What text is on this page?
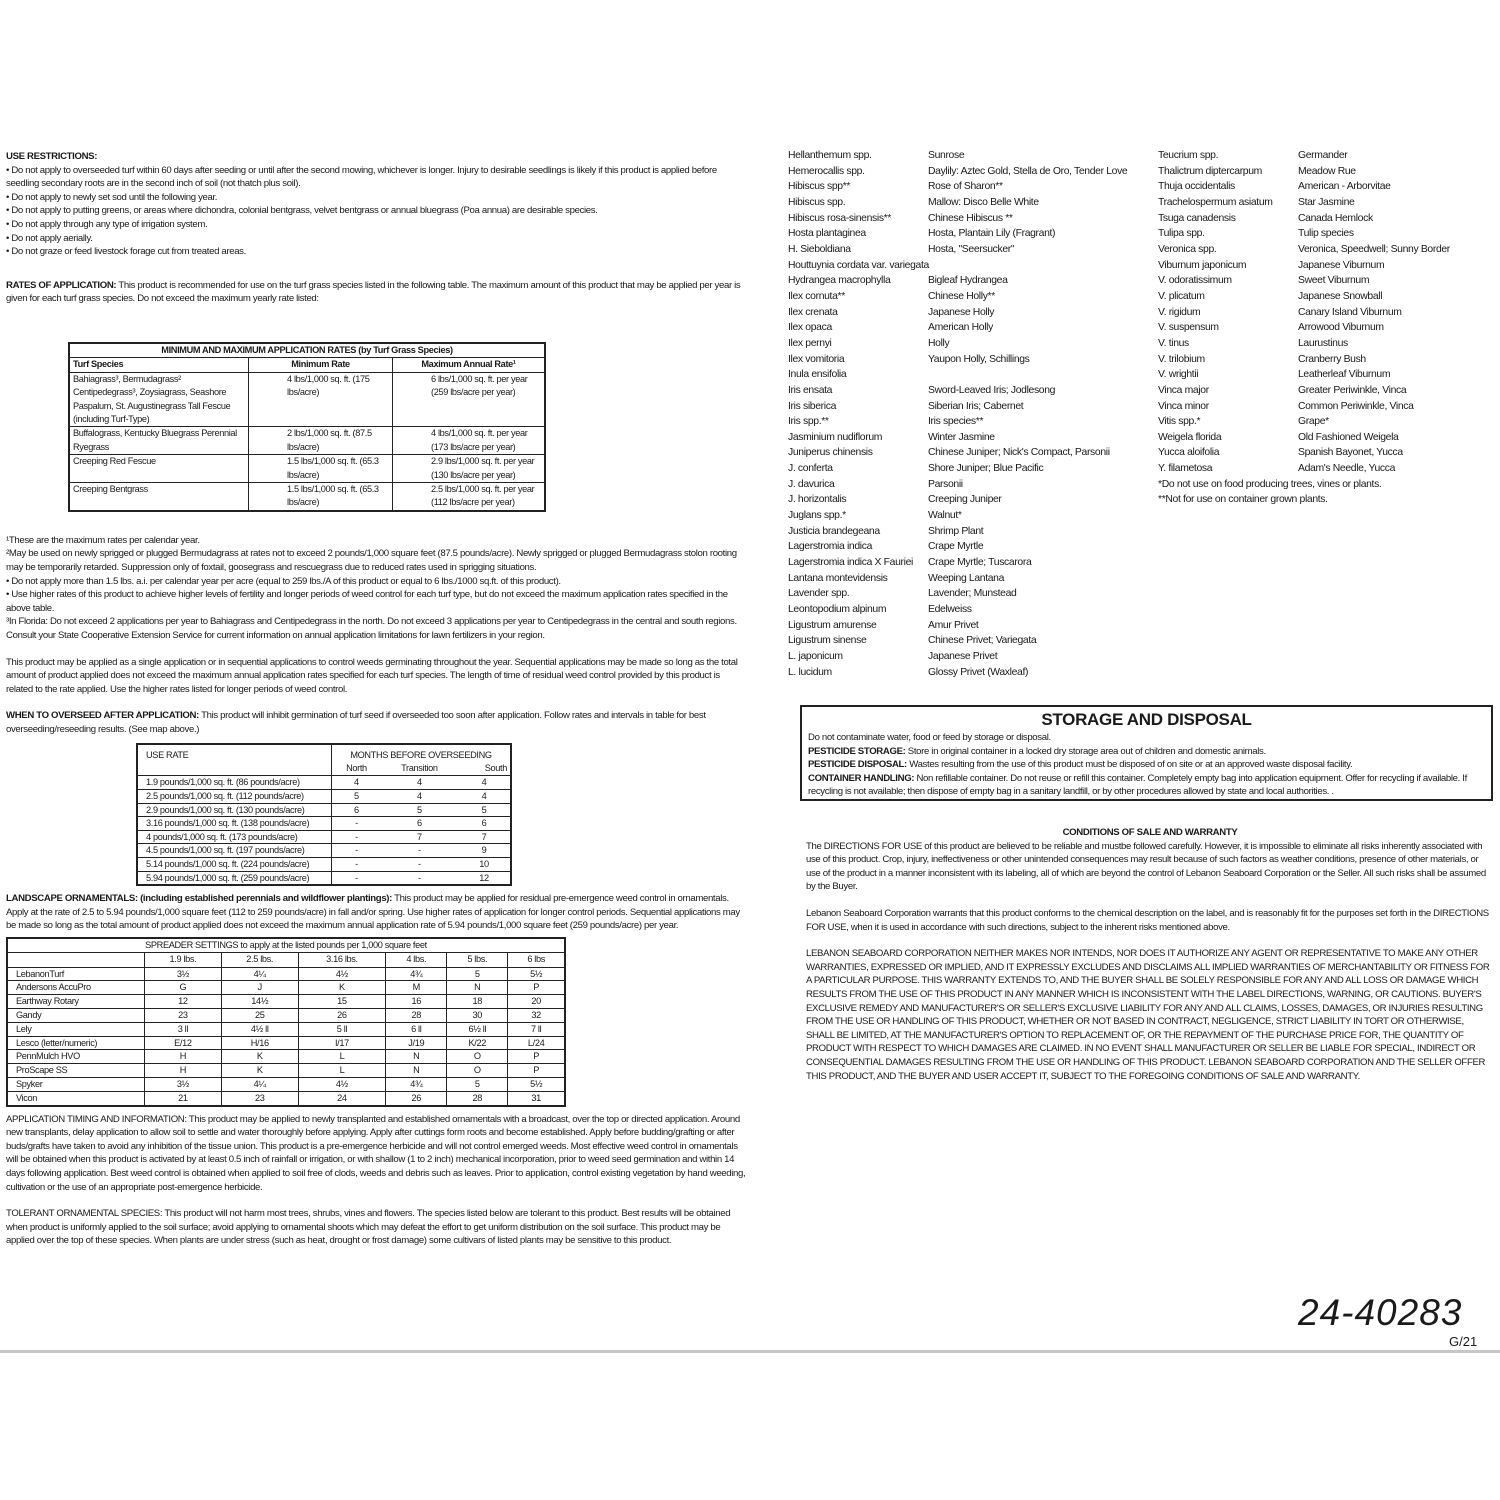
USE RESTRICTIONS:

• Do not apply to overseeded turf within 60 days after seeding or until after the second mowing, whichever is longer. Injury to desirable seedlings is likely if this product is applied before seedling secondary roots are in the second inch of soil (not thatch plus soil).

• Do not apply to newly set sod until the following year.

• Do not apply to putting greens, or areas where dichondra, colonial bentgrass, velvet bentgrass or annual bluegrass (Poa annua) are desirable species.

• Do not apply through any type of irrigation system.

• Do not apply aerially.

• Do not graze or feed livestock forage cut from treated areas.

RATES OF APPLICATION: This product is recommended for use on the turf grass species listed in the following table. The maximum amount of this product that may be applied per year is given for each turf grass species. Do not exceed the maximum yearly rate listed:

MINIMUM AND MAXIMUM APPLICATION RATES (by Turf Grass Species)		
Turf Species	Minimum Rate	Maximum Annual Rate¹
Bahiagrass³, Bermudagrass² Centipedegrass³, Zoysiagrass, Seashore Paspalum, St. Augustinegrass Tall Fescue (including Turf-Type)	4 lbs/1,000 sq. ft. (175 lbs/acre)	6 lbs/1,000 sq. ft. per year (259 lbs/acre per year)
Buffalograss, Kentucky Bluegrass Perennial Ryegrass	2 lbs/1,000 sq. ft. (87.5 lbs/acre)	4 lbs/1,000 sq. ft. per year (173 lbs/acre per year)
Creeping Red Fescue	1.5 lbs/1,000 sq. ft. (65.3 lbs/acre)	2.9 lbs/1,000 sq. ft. per year (130 lbs/acre per year)
Creeping Bentgrass	1.5 lbs/1,000 sq. ft. (65.3 lbs/acre)	2.5 lbs/1,000 sq. ft. per year (112 lbs/acre per year)

¹These are the maximum rates per calendar year.

²May be used on newly sprigged or plugged Bermudagrass at rates not to exceed 2 pounds/1,000 square feet (87.5 pounds/acre). Newly sprigged or plugged Bermudagrass stolon rooting may be temporarily retarded. Suppression only of foxtail, goosegrass and rescuegrass due to reduced rates used in sprigging situations.

• Do not apply more than 1.5 lbs. a.i. per calendar year per acre (equal to 259 lbs./A of this product or equal to 6 lbs./1000 sq.ft. of this product).

• Use higher rates of this product to achieve higher levels of fertility and longer periods of weed control for each turf type, but do not exceed the maximum application rates specified in the above table.

³In Florida: Do not exceed 2 applications per year to Bahiagrass and Centipedegrass in the north. Do not exceed 3 applications per year to Centipedegrass in the central and south regions. Consult your State Cooperative Extension Service for current information on annual application limitations for lawn fertilizers in your region.

This product may be applied as a single application or in sequential applications to control weeds germinating throughout the year. Sequential applications may be made so long as the total amount of product applied does not exceed the maximum annual application rates specified for each turf species. The length of time of residual weed control provided by this product is related to the rate applied. Use the higher rates listed for longer periods of weed control.

WHEN TO OVERSEED AFTER APPLICATION: This product will inhibit germination of turf seed if overseeded too soon after application. Follow rates and intervals in table for best overseeding/reseeding results. (See map above.)

USE RATE	MONTHS BEFORE OVERSEEDING		
	North	Transition	South
1.9 pounds/1,000 sq. ft. (86 pounds/acre)	4	4	4
2.5 pounds/1,000 sq. ft. (112 pounds/acre)	5	4	4
2.9 pounds/1,000 sq. ft. (130 pounds/acre)	6	5	5
3.16 pounds/1,000 sq. ft. (138 pounds/acre)	-	6	6
4 pounds/1,000 sq. ft. (173 pounds/acre)	-	7	7
4.5 pounds/1,000 sq. ft. (197 pounds/acre)	-	-	9
5.14 pounds/1,000 sq. ft. (224 pounds/acre)	-	-	10
5.94 pounds/1,000 sq. ft. (259 pounds/acre)	-	-	12

LANDSCAPE ORNAMENTALS: (including established perennials and wildflower plantings): This product may be applied for residual pre-emergence weed control in ornamentals. Apply at the rate of 2.5 to 5.94 pounds/1,000 square feet (112 to 259 pounds/acre) in fall and/or spring. Use higher rates of application for longer control periods. Sequential applications may be made so long as the total amount of product applied does not exceed the maximum annual application rate of 5.94 pounds/1,000 square feet (259 pounds/acre) per year.

SPREADER SETTINGS to apply at the listed pounds per 1,000 square feet						
	1.9 lbs.	2.5 lbs.	3.16 lbs.	4 lbs.	5 lbs.	6 lbs
LebanonTurf	3½	4¼	4½	4¾	5	5½
Andersons AccuPro	G	J	K	M	N	P
Earthway Rotary	12	14½	15	16	18	20
Gandy	23	25	26	28	30	32
Lely	3 ll	4½ ll	5 ll	6 ll	6½ ll	7 ll
Lesco (letter/numeric)	E/12	H/16	I/17	J/19	K/22	L/24
PennMulch HVO	H	K	L	N	O	P
ProScape SS	H	K	L	N	O	P
Spyker	3½	4¼	4½	4¾	5	5½
Vicon	21	23	24	26	28	31

APPLICATION TIMING AND INFORMATION: This product may be applied to newly transplanted and established ornamentals with a broadcast, over the top or directed application. Around new transplants, delay application to allow soil to settle and water thoroughly before applying. Apply after cuttings form roots and become established. Apply before budding/grafting or after buds/grafts have taken to avoid any inhibition of the tissue union. This product is a pre-emergence herbicide and will not control emerged weeds. Most effective weed control in ornamentals will be obtained when this product is activated by at least 0.5 inch of rainfall or irrigation, or with shallow (1 to 2 inch) mechanical incorporation, prior to weed seed germination and within 14 days following application. Best weed control is obtained when applied to soil free of clods, weeds and debris such as leaves. Prior to application, control existing vegetation by hand weeding, cultivation or the use of an appropriate post-emergence herbicide.

TOLERANT ORNAMENTAL SPECIES: This product will not harm most trees, shrubs, vines and flowers. The species listed below are tolerant to this product. Best results will be obtained when product is uniformly applied to the soil surface; avoid applying to ornamental shoots which may defeat the effort to get uniform distribution on the soil surface. This product may be applied over the top of these species. When plants are under stress (such as heat, drought or frost damage) some cultivars of listed plants may be sensitive to this product.

Hellanthemum spp.	Sunrose
Hemerocallis spp.	Daylily: Aztec Gold, Stella de Oro, Tender Love
Hibiscus spp**	Rose of Sharon**
Hibiscus spp.	Mallow: Disco Belle White
Hibiscus rosa-sinensis**	Chinese Hibiscus **
Hosta plantaginea	Hosta, Plantain Lily (Fragrant)
H. Sieboldiana	Hosta, "Seersucker"
Houttuynia cordata var. variegata
Hydrangea macrophylla	Bigleaf Hydrangea
Ilex cornuta**	Chinese Holly**
Ilex crenata	Japanese Holly
Ilex opaca	American Holly
Ilex pernyi	Holly
Ilex vomitoria	Yaupon Holly, Schillings
Inula ensifolia
Iris ensata	Sword-Leaved Iris; Jodlesong
Iris siberica	Siberian Iris; Cabernet
Iris spp.**	Iris species**
Jasminium nudiflorum	Winter Jasmine
Juniperus chinensis	Chinese Juniper; Nick's Compact, Parsonii
J. conferta	Shore Juniper; Blue Pacific
J. davurica	Parsonii
J. horizontalis	Creeping Juniper
Juglans spp.*	Walnut*
Justicia brandegeana	Shrimp Plant
Lagerstromia indica	Crape Myrtle
Lagerstromia indica X Fauriei	Crape Myrtle; Tuscarora
Lantana montevidensis	Weeping Lantana
Lavender spp.	Lavender; Munstead
Leontopodium alpinum	Edelweiss
Ligustrum amurense	Amur Privet
Ligustrum sinense	Chinese Privet; Variegata
L. japonicum	Japanese Privet
L. lucidum	Glossy Privet (Waxleaf)
Teucrium spp.	Germander
Thalictrum diptercarpum	Meadow Rue
Thuja occidentalis	American - Arborvitae
Trachelospermum asiatum	Star Jasmine
Tsuga canadensis	Canada Hemlock
Tulipa spp.	Tulip species
Veronica spp.	Veronica, Speedwell; Sunny Border
Viburnum japonicum	Japanese Viburnum
V. odoratissimum	Sweet Viburnum
V. plicatum	Japanese Snowball
V. rigidum	Canary Island Viburnum
V. suspensum	Arrowood Viburnum
V. tinus	Laurustinus
V. trilobium	Cranberry Bush
V. wrightii	Leatherleaf Viburnum
Vinca major	Greater Periwinkle, Vinca
Vinca minor	Common Periwinkle, Vinca
Vitis spp.*	Grape*
Weigela florida	Old Fashioned Weigela
Yucca aloifolia	Spanish Bayonet, Yucca
Y. filametosa	Adam's Needle, Yucca
*Do not use on food producing trees, vines or plants.
**Not for use on container grown plants.
STORAGE AND DISPOSAL

Do not contaminate water, food or feed by storage or disposal.

PESTICIDE STORAGE: Store in original container in a locked dry storage area out of children and domestic animals.

PESTICIDE DISPOSAL: Wastes resulting from the use of this product must be disposed of on site or at an approved waste disposal facility.

CONTAINER HANDLING: Non refillable container. Do not reuse or refill this container. Completely empty bag into application equipment. Offer for recycling if available. If recycling is not available; then dispose of empty bag in a sanitary landfill, or by other procedures allowed by state and local authorities. .

CONDITIONS OF SALE AND WARRANTY

The DIRECTIONS FOR USE of this product are believed to be reliable and mustbe followed carefully. However, it is impossible to eliminate all risks inherently associated with use of this product. Crop, injury, ineffectiveness or other unintended consequences may result because of such factors as weather conditions, presence of other materials, or use of the product in a manner inconsistent with its labeling, all of which are beyond the control of Lebanon Seaboard Corporation or the Seller. All such risks shall be assumed by the Buyer.

Lebanon Seaboard Corporation warrants that this product conforms to the chemical description on the label, and is reasonably fit for the purposes set forth in the DIRECTIONS FOR USE, when it is used in accordance with such directions, subject to the inherent risks mentioned above.

LEBANON SEABOARD CORPORATION NEITHER MAKES NOR INTENDS, NOR DOES IT AUTHORIZE ANY AGENT OR REPRESENTATIVE TO MAKE ANY OTHER WARRANTIES, EXPRESSED OR IMPLIED, AND IT EXPRESSLY EXCLUDES AND DISCLAIMS ALL IMPLIED WARRANTIES OF MERCHANTABILITY OR FITNESS FOR A PARTICULAR PURPOSE. THIS WARRANTY EXTENDS TO, AND THE BUYER SHALL BE SOLELY RESPONSIBLE FOR ANY AND ALL LOSS OR DAMAGE WHICH RESULTS FROM THE USE OF THIS PRODUCT IN ANY MANNER WHICH IS INCONSISTENT WITH THE LABEL DIRECTIONS, WARNING, OR CAUTIONS. BUYER'S EXCLUSIVE REMEDY AND MANUFACTURER'S OR SELLER'S EXCLUSIVE LIABILITY FOR ANY AND ALL CLAIMS, LOSSES, DAMAGES, OR INJURIES RESULTING FROM THE USE OR HANDLING OF THIS PRODUCT, WHETHER OR NOT BASED IN CONTRACT, NEGLIGENCE, STRICT LIABILITY IN TORT OR OTHERWISE, SHALL BE LIMITED, AT THE MANUFACTURER'S OPTION TO REPLACEMENT OF, OR THE REPAYMENT OF THE PURCHASE PRICE FOR, THE QUANTITY OF PRODUCT WITH RESPECT TO WHICH DAMAGES ARE CLAIMED. IN NO EVENT SHALL MANUFACTURER OR SELLER BE LIABLE FOR SPECIAL, INDIRECT OR CONSEQUENTIAL DAMAGES RESULTING FROM THE USE OR HANDLING OF THIS PRODUCT. LEBANON SEABOARD CORPORATION AND THE SELLER OFFER THIS PRODUCT, AND THE BUYER AND USER ACCEPT IT, SUBJECT TO THE FOREGOING CONDITIONS OF SALE AND WARRANTY.

24-40283
G/21
